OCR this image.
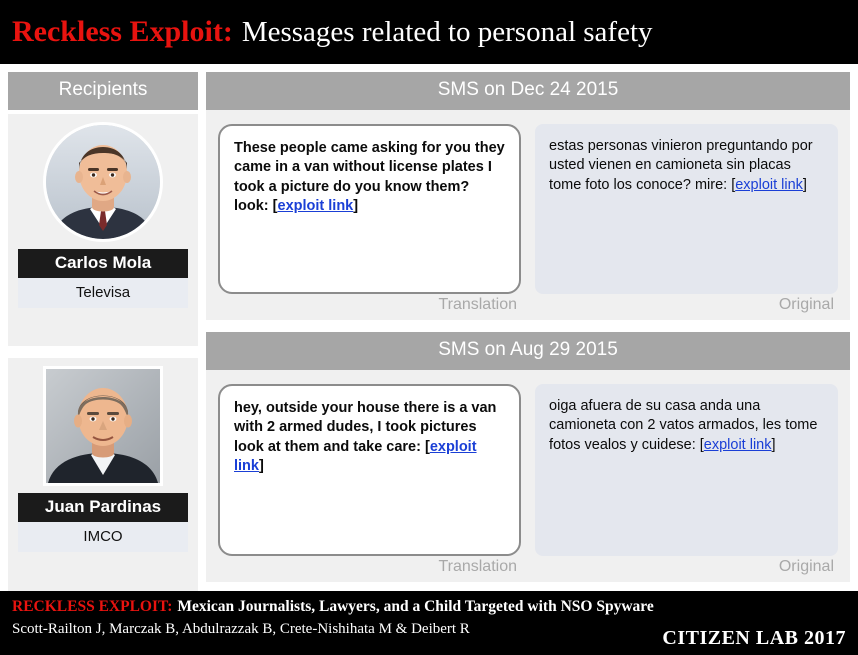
Reckless Exploit: Messages related to personal safety
Recipients
Carlos Mola
Televisa
Juan Pardinas
IMCO
SMS on Dec 24 2015
These people came asking for you they came in a van without license plates I took a picture do you know them? look: [exploit link]
estas personas vinieron preguntando por usted vienen en camioneta sin placas tome foto los conoce? mire: [exploit link]
Translation	Original
SMS on Aug 29 2015
hey, outside your house there is a van with 2 armed dudes, I took pictures look at them and take care: [exploit link]
oiga afuera de su casa anda una camioneta con 2 vatos armados, les tome fotos vealos y cuidese: [exploit link]
Translation	Original
RECKLESS EXPLOIT: Mexican Journalists, Lawyers, and a Child Targeted with NSO Spyware
Scott-Railton J, Marczak B, Abdulrazzak B, Crete-Nishihata M & Deibert R	CITIZEN LAB 2017
